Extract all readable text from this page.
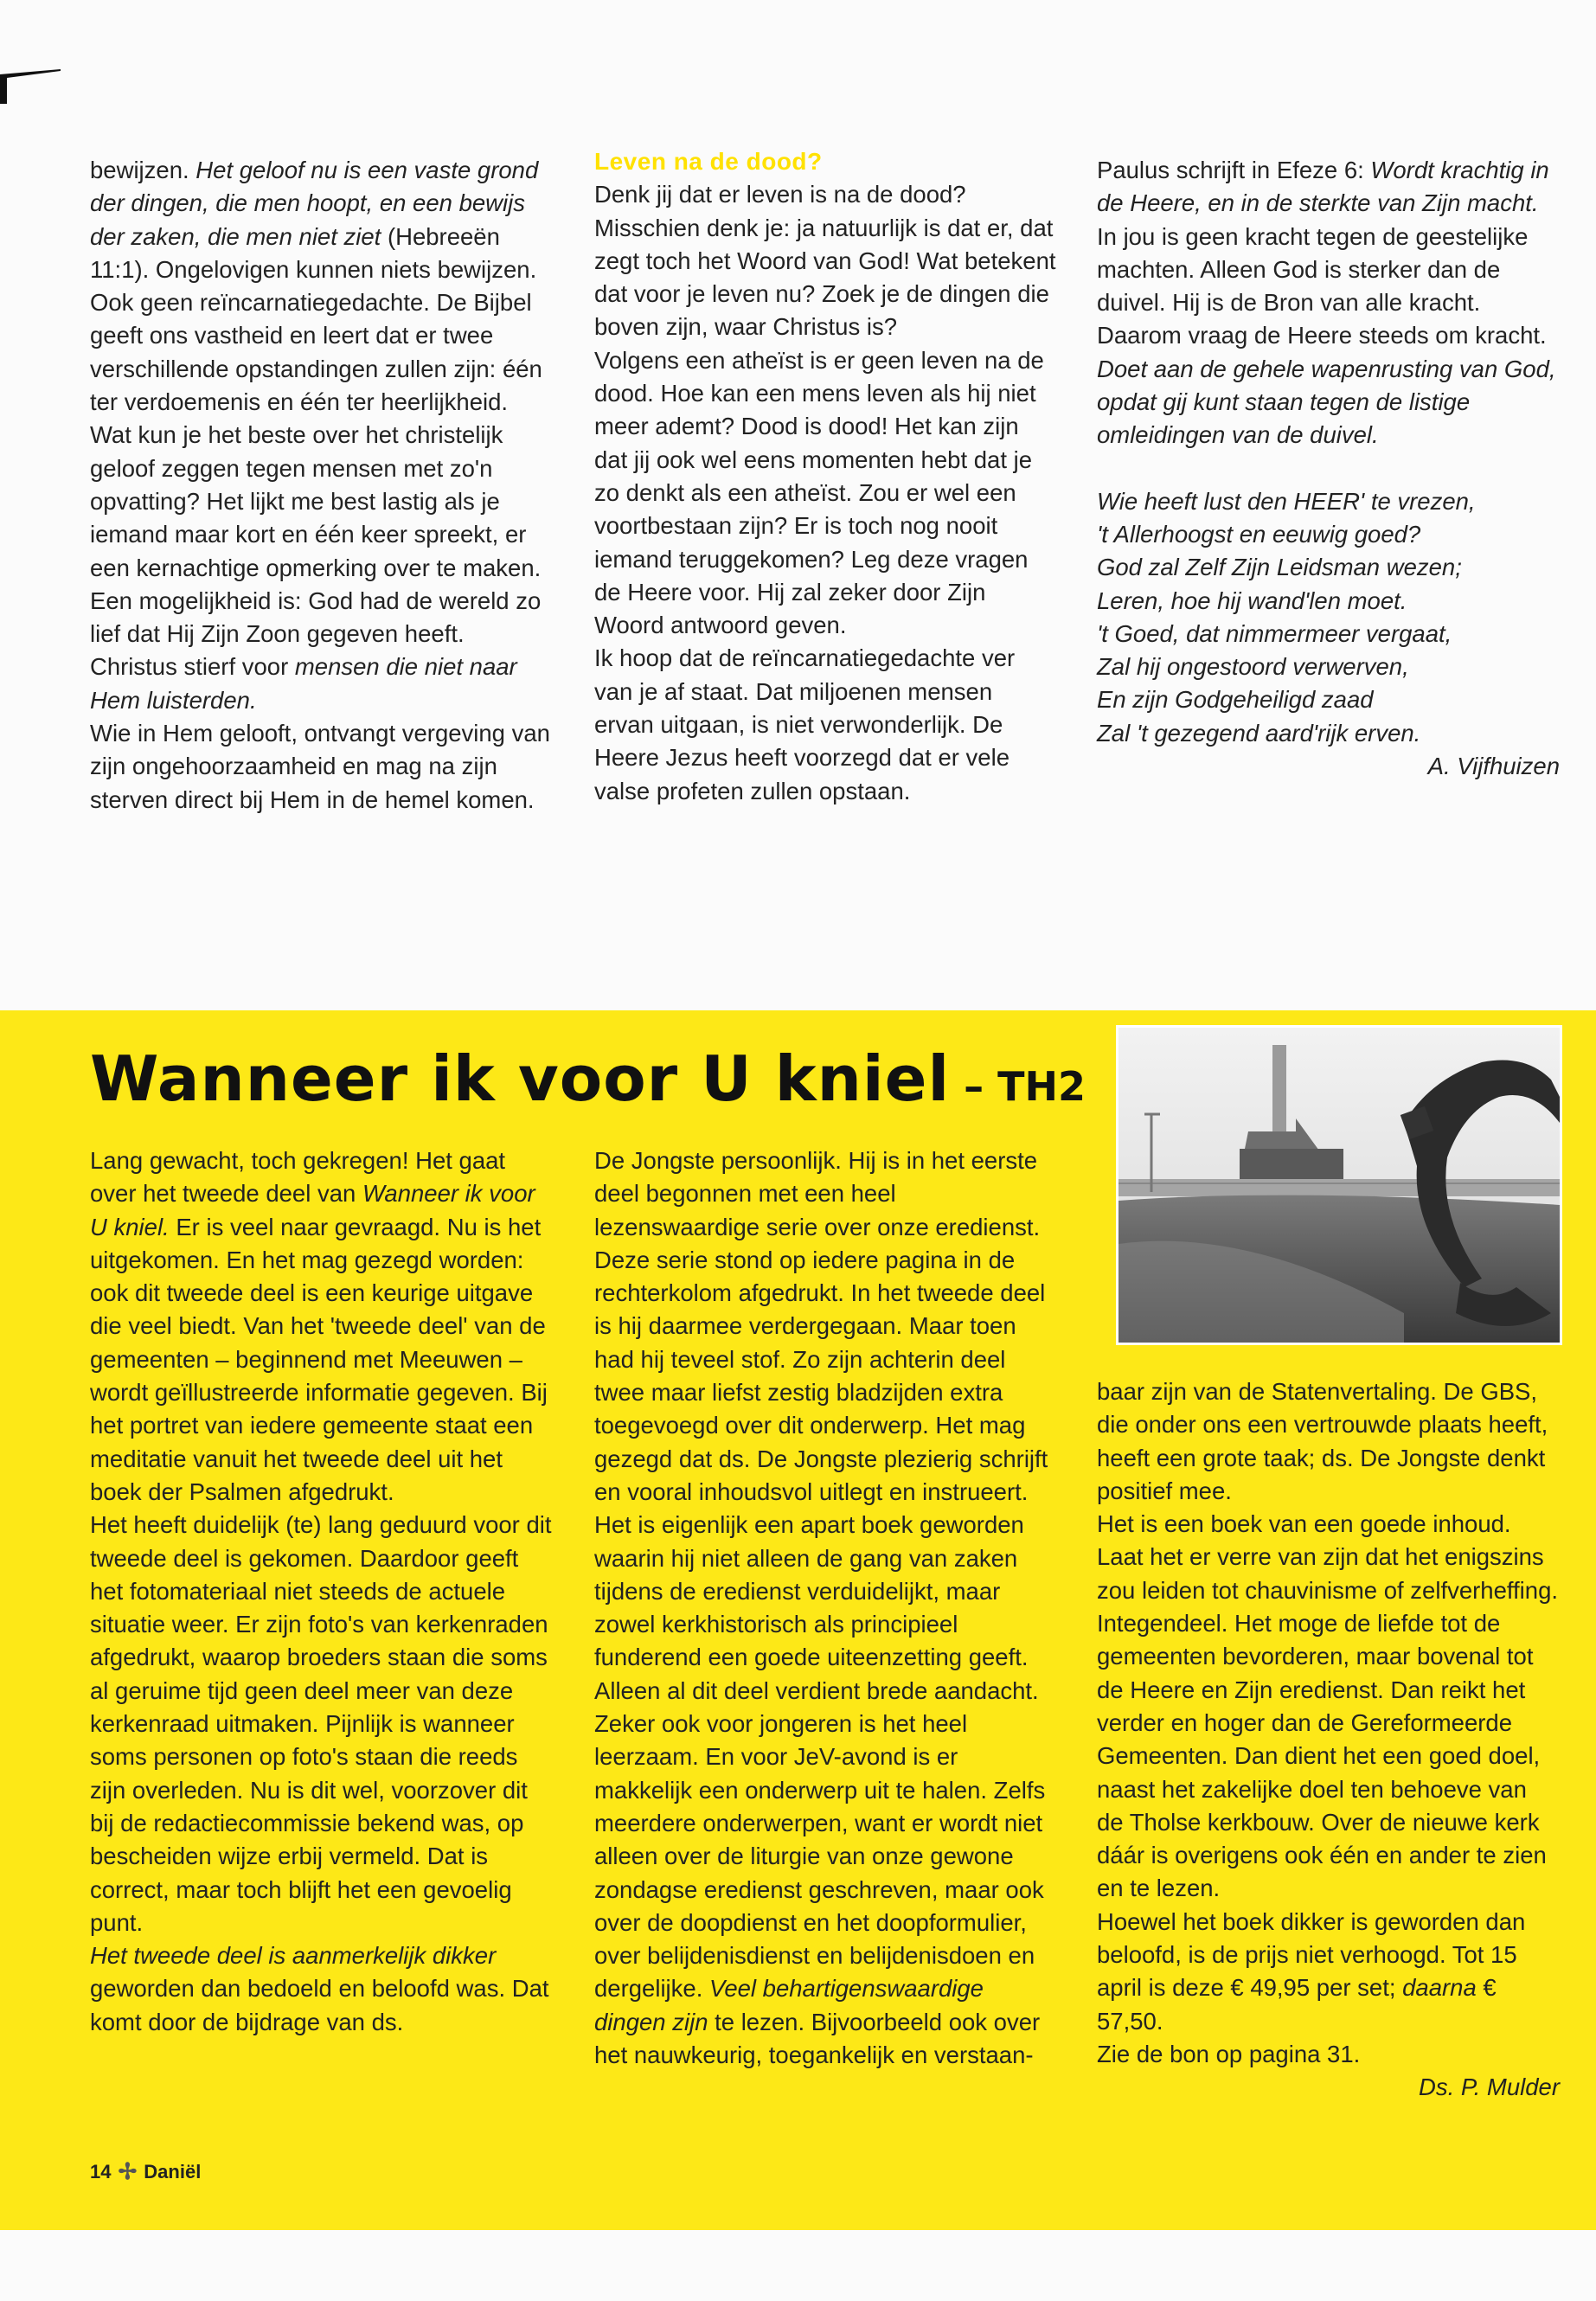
bewijzen. Het geloof nu is een vaste grond der dingen, die men hoopt, en een bewijs der zaken, die men niet ziet (Hebreeën 11:1). Ongelovigen kunnen niets bewijzen. Ook geen reïncarnatiegedachte. De Bijbel geeft ons vastheid en leert dat er twee verschillende opstandingen zullen zijn: één ter verdoemenis en één ter heerlijkheid.

Wat kun je het beste over het christelijk geloof zeggen tegen mensen met zo'n opvatting? Het lijkt me best lastig als je iemand maar kort en één keer spreekt, er een kernachtige opmerking over te maken. Een mogelijkheid is: God had de wereld zo lief dat Hij Zijn Zoon gegeven heeft. Christus stierf voor mensen die niet naar Hem luisterden.

Wie in Hem gelooft, ontvangt vergeving van zijn ongehoorzaamheid en mag na zijn sterven direct bij Hem in de hemel komen.

Leven na de dood?

Denk jij dat er leven is na de dood? Misschien denk je: ja natuurlijk is dat er, dat zegt toch het Woord van God! Wat betekent dat voor je leven nu? Zoek je de dingen die boven zijn, waar Christus is?

Volgens een atheïst is er geen leven na de dood. Hoe kan een mens leven als hij niet meer ademt? Dood is dood! Het kan zijn dat jij ook wel eens momenten hebt dat je zo denkt als een atheïst. Zou er wel een voortbestaan zijn? Er is toch nog nooit iemand teruggekomen? Leg deze vragen de Heere voor. Hij zal zeker door Zijn Woord antwoord geven.

Ik hoop dat de reïncarnatiegedachte ver van je af staat. Dat miljoenen mensen ervan uitgaan, is niet verwonderlijk. De Heere Jezus heeft voorzegd dat er vele valse profeten zullen opstaan.

Paulus schrijft in Efeze 6: Wordt krachtig in de Heere, en in de sterkte van Zijn macht. In jou is geen kracht tegen de geestelijke machten. Alleen God is sterker dan de duivel. Hij is de Bron van alle kracht. Daarom vraag de Heere steeds om kracht. Doet aan de gehele wapenrusting van God, opdat gij kunt staan tegen de listige omleidingen van de duivel.

Wie heeft lust den HEER' te vrezen,
't Allerhoogst en eeuwig goed?
God zal Zelf Zijn Leidsman wezen;
Leren, hoe hij wand'len moet.
't Goed, dat nimmermeer vergaat,
Zal hij ongestoord verwerven,
En zijn Godgeheiligd zaad
Zal 't gezegend aard'rijk erven.

A. Vijfhuizen

Wanneer ik voor U kniel – TH2

Lang gewacht, toch gekregen! Het gaat over het tweede deel van Wanneer ik voor U kniel. Er is veel naar gevraagd. Nu is het uitgekomen. En het mag gezegd worden: ook dit tweede deel is een keurige uitgave die veel biedt. Van het 'tweede deel' van de gemeenten – beginnend met Meeuwen – wordt geïllustreerde informatie gegeven. Bij het portret van iedere gemeente staat een meditatie vanuit het tweede deel uit het boek der Psalmen afgedrukt.

Het heeft duidelijk (te) lang geduurd voor dit tweede deel is gekomen. Daardoor geeft het fotomateriaal niet steeds de actuele situatie weer. Er zijn foto's van kerkenraden afgedrukt, waarop broeders staan die soms al geruime tijd geen deel meer van deze kerkenraad uitmaken. Pijnlijk is wanneer soms personen op foto's staan die reeds zijn overleden. Nu is dit wel, voorzover dit bij de redactiecommissie bekend was, op bescheiden wijze erbij vermeld. Dat is correct, maar toch blijft het een gevoelig punt.

Het tweede deel is aanmerkelijk dikker geworden dan bedoeld en beloofd was. Dat komt door de bijdrage van ds.

De Jongste persoonlijk. Hij is in het eerste deel begonnen met een heel lezenswaardige serie over onze eredienst. Deze serie stond op iedere pagina in de rechterkolom afgedrukt. In het tweede deel is hij daarmee verdergegaan. Maar toen had hij teveel stof. Zo zijn achterin deel twee maar liefst zestig bladzijden extra toegevoegd over dit onderwerp. Het mag gezegd dat ds. De Jongste plezierig schrijft en vooral inhoudsvol uitlegt en instrueert. Het is eigenlijk een apart boek geworden waarin hij niet alleen de gang van zaken tijdens de eredienst verduidelijkt, maar zowel kerkhistorisch als principieel funderend een goede uiteenzetting geeft. Alleen al dit deel verdient brede aandacht. Zeker ook voor jongeren is het heel leerzaam. En voor JeV-avond is er makkelijk een onderwerp uit te halen. Zelfs meerdere onderwerpen, want er wordt niet alleen over de liturgie van onze gewone zondagse eredienst geschreven, maar ook over de doopdienst en het doopformulier, over belijdenisdienst en belijdenisdoen en dergelijke. Veel behartigenswaardige dingen zijn te lezen. Bijvoorbeeld ook over het nauwkeurig, toegankelijk en verstaan-

baar zijn van de Statenvertaling. De GBS, die onder ons een vertrouwde plaats heeft, heeft een grote taak; ds. De Jongste denkt positief mee.

Het is een boek van een goede inhoud. Laat het er verre van zijn dat het enigszins zou leiden tot chauvinisme of zelfverheffing. Integendeel. Het moge de liefde tot de gemeenten bevorderen, maar bovenal tot de Heere en Zijn eredienst. Dan reikt het verder en hoger dan de Gereformeerde Gemeenten. Dan dient het een goed doel, naast het zakelijke doel ten behoeve van de Tholse kerkbouw. Over de nieuwe kerk dáár is overigens ook één en ander te zien en te lezen.

Hoewel het boek dikker is geworden dan beloofd, is de prijs niet verhoogd. Tot 15 april is deze € 49,95 per set; daarna € 57,50.

Zie de bon op pagina 31.

Ds. P. Mulder

14 ✢ Daniël
